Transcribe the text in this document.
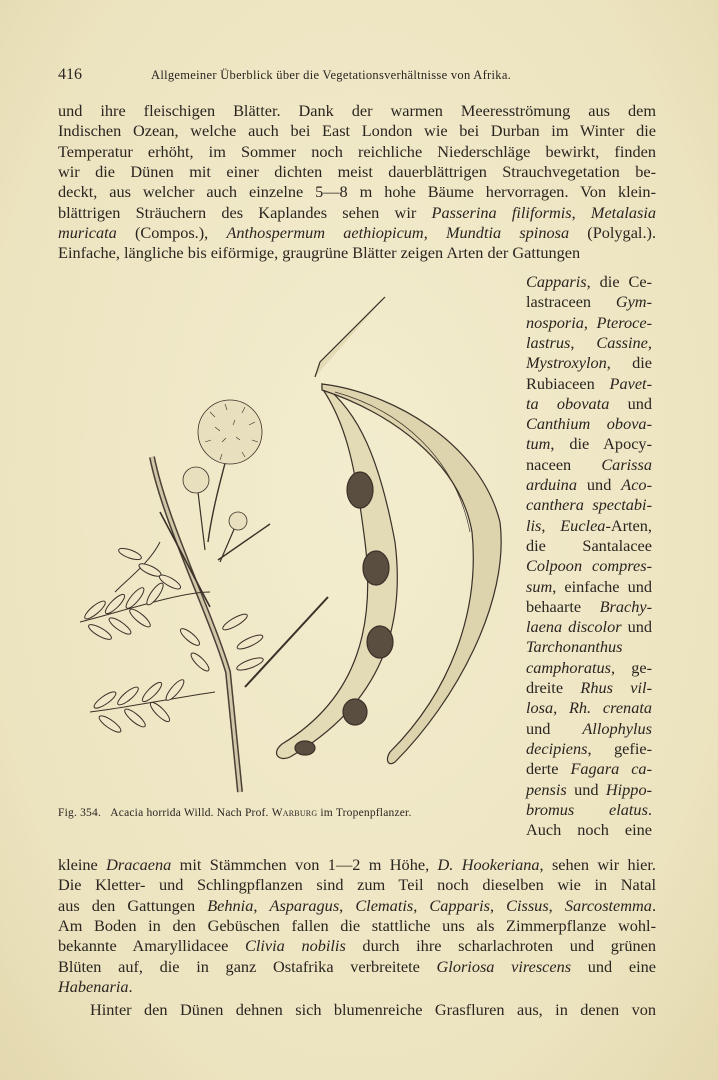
416	Allgemeiner Überblick über die Vegetationsverhältnisse von Afrika.
und ihre fleischigen Blätter. Dank der warmen Meeresströmung aus dem
Indischen Ozean, welche auch bei East London wie bei Durban im Winter die
Temperatur erhöht, im Sommer noch reichliche Niederschläge bewirkt, finden
wir die Dünen mit einer dichten meist dauerblättrigen Strauchvegetation be-
deckt, aus welcher auch einzelne 5—8 m hohe Bäume hervorragen. Von klein-
blättrigen Sträuchern des Kaplandes sehen wir Passerina filiformis, Metalasia
muricata (Compos.), Anthospermum aethiopicum, Mundtia spinosa (Polygal.).
Einfache, längliche bis eiförmige, graugrüne Blätter zeigen Arten der Gattungen
Capparis, die Ce-
lastraceen Gym-
nosporia, Pteroce-
lastrus, Cassine,
Mystroxylon, die
Rubiaceen Pavet-
ta obovata und
Canthium obova-
tum, die Apocy-
naceen Carissa
arduina und Aco-
canthera spectabi-
lis, Euclea-Arten,
die Santalacee
Colpoon compres-
sum, einfache und
behaarte Brachy-
laena discolor und
Tarchonanthus
camphoratus, ge-
dreite Rhus vil-
losa, Rh. crenata
und Allophylus
decipiens, gefie-
derte Fagara ca-
pensis und Hippo-
bromus elatus.
Auch noch eine
kleine Dracaena mit Stämmchen von 1—2 m Höhe, D. Hookeriana, sehen wir hier.
Die Kletter- und Schlingpflanzen sind zum Teil noch dieselben wie in Natal
aus den Gattungen Behnia, Asparagus, Clematis, Capparis, Cissus, Sarcostemma.
Am Boden in den Gebüschen fallen die stattliche uns als Zimmerpflanze wohl-
bekannte Amaryllidacee Clivia nobilis durch ihre scharlachroten und grünen
Blüten auf, die in ganz Ostafrika verbreitete Gloriosa virescens und eine
Habenaria.
Hinter den Dünen dehnen sich blumenreiche Grasfluren aus, in denen von
Fig. 354. Acacia horrida Willd. Nach Prof. Warburg im Tropenpflanzer.
